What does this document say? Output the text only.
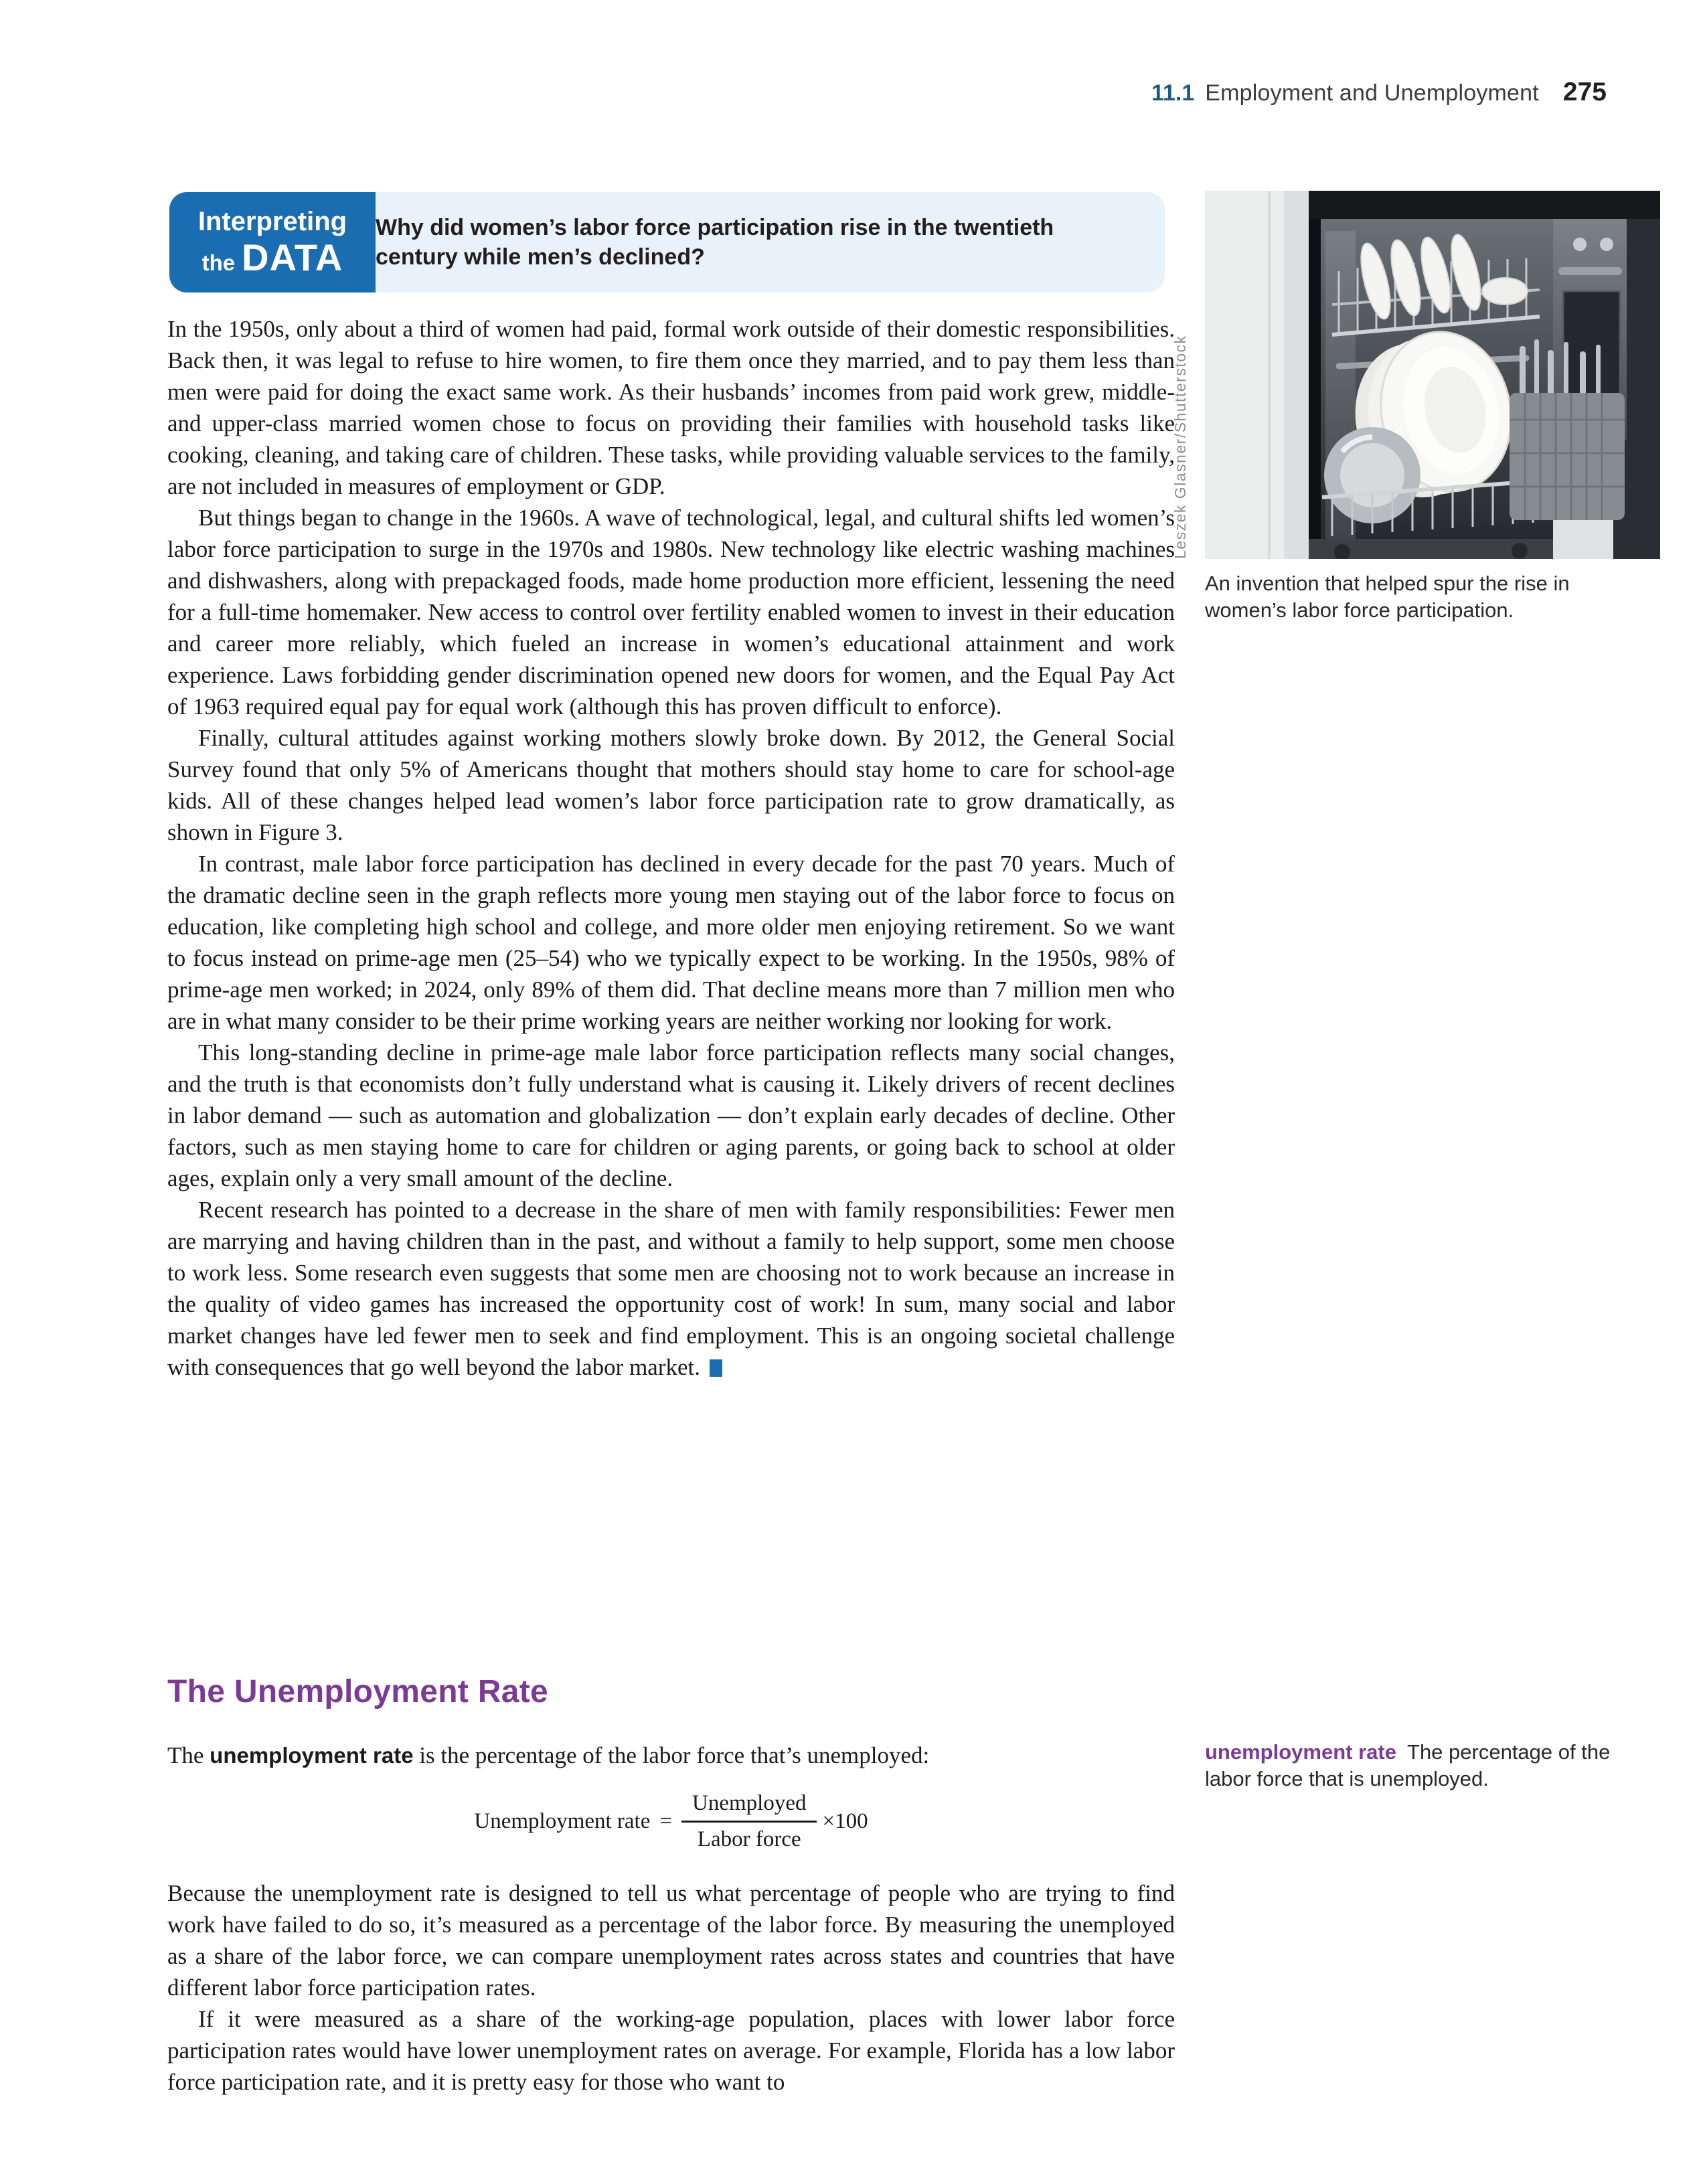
11.1 Employment and Unemployment 275
Interpreting
the DATA
Why did women’s labor force participation rise in the twentieth century while men’s declined?
Leszek Glasner/Shutterstock
An invention that helped spur the rise in women’s labor force participation.

In the 1950s, only about a third of women had paid, formal work outside of their domestic responsibilities. Back then, it was legal to refuse to hire women, to fire them once they married, and to pay them less than men were paid for doing the exact same work. As their husbands’ incomes from paid work grew, middle- and upper-class married women chose to focus on providing their families with household tasks like cooking, cleaning, and taking care of children. These tasks, while providing valuable services to the family, are not included in measures of employment or GDP.

But things began to change in the 1960s. A wave of technological, legal, and cultural shifts led women’s labor force participation to surge in the 1970s and 1980s. New technology like electric washing machines and dishwashers, along with prepackaged foods, made home production more efficient, lessening the need for a full-time homemaker. New access to control over fertility enabled women to invest in their education and career more reliably, which fueled an increase in women’s educational attainment and work experience. Laws forbidding gender discrimination opened new doors for women, and the Equal Pay Act of 1963 required equal pay for equal work (although this has proven difficult to enforce).

Finally, cultural attitudes against working mothers slowly broke down. By 2012, the General Social Survey found that only 5% of Americans thought that mothers should stay home to care for school-age kids. All of these changes helped lead women’s labor force participation rate to grow dramatically, as shown in Figure 3.

In contrast, male labor force participation has declined in every decade for the past 70 years. Much of the dramatic decline seen in the graph reflects more young men staying out of the labor force to focus on education, like completing high school and college, and more older men enjoying retirement. So we want to focus instead on prime-age men (25–54) who we typically expect to be working. In the 1950s, 98% of prime-age men worked; in 2024, only 89% of them did. That decline means more than 7 million men who are in what many consider to be their prime working years are neither working nor looking for work.

This long-standing decline in prime-age male labor force participation reflects many social changes, and the truth is that economists don’t fully understand what is causing it. Likely drivers of recent declines in labor demand — such as automation and globalization — don’t explain early decades of decline. Other factors, such as men staying home to care for children or aging parents, or going back to school at older ages, explain only a very small amount of the decline.

Recent research has pointed to a decrease in the share of men with family responsibilities: Fewer men are marrying and having children than in the past, and without a family to help support, some men choose to work less. Some research even suggests that some men are choosing not to work because an increase in the quality of video games has increased the opportunity cost of work! In sum, many social and labor market changes have led fewer men to seek and find employment. This is an ongoing societal challenge with consequences that go well beyond the labor market.

The Unemployment Rate

The unemployment rate is the percentage of the labor force that’s unemployed:

Unemployment rate = $\frac{\text{Unemployed}}{\text{Labor force}} \times 100$

Because the unemployment rate is designed to tell us what percentage of people who are trying to find work have failed to do so, it’s measured as a percentage of the labor force. By measuring the unemployed as a share of the labor force, we can compare unemployment rates across states and countries that have different labor force participation rates.

If it were measured as a share of the working-age population, places with lower labor force participation rates would have lower unemployment rates on average. For example, Florida has a low labor force participation rate, and it is pretty easy for those who want to

unemployment rate The percentage of the labor force that is unemployed.
